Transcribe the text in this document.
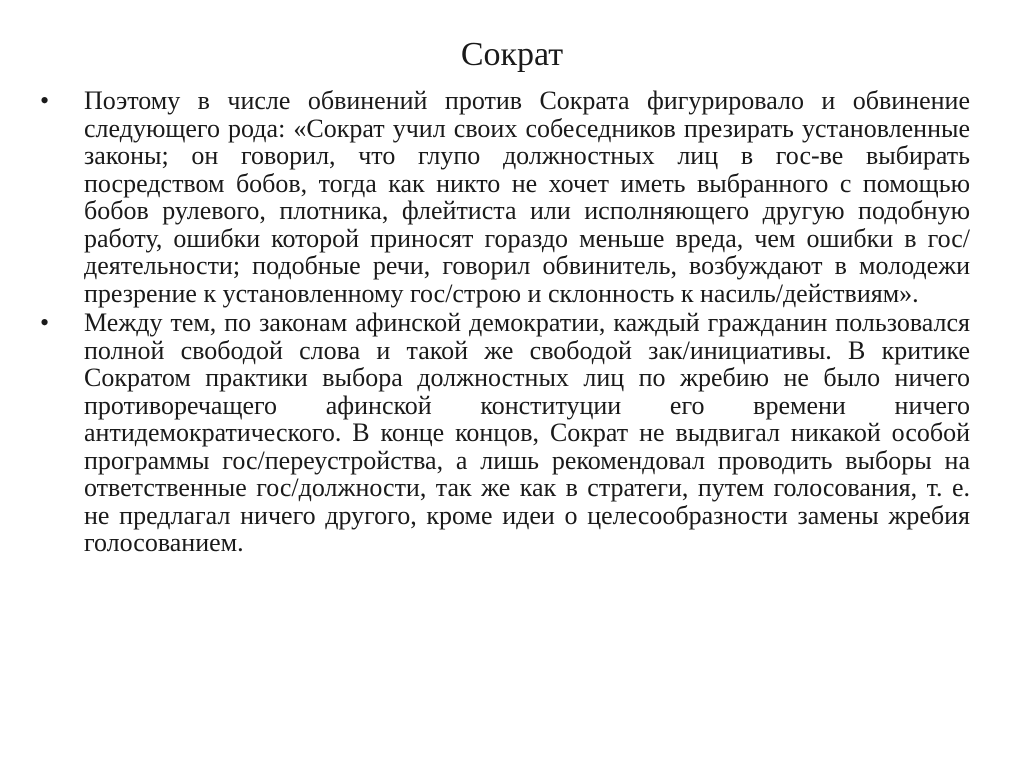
Сократ
• Поэтому в числе обвинений против Сократа фигурировало и обвинение следующего рода: «Сократ учил своих собеседников презирать установленные законы; он говорил, что глупо должностных лиц в гос-ве выбирать посредством бобов, тогда как никто не хочет иметь выбранного с помощью бобов рулевого, плотника, флейтиста или исполняющего другую подобную работу, ошибки которой приносят гораздо меньше вреда, чем ошибки в гос/деятельности; подобные речи, говорил обвинитель, возбуждают в молодежи презрение к установленному гос/строю и склонность к насиль/действиям».
• Между тем, по законам афинской демократии, каждый гражданин пользовался полной свободой слова и такой же свободой зак/инициативы. В критике Сократом практики выбора должностных лиц по жребию не было ничего противоречащего афинской конституции его времени ничего антидемократического. В конце концов, Сократ не выдвигал никакой особой программы гос/переустройства, а лишь рекомендовал проводить выборы на ответственные гос/должности, так же как в стратеги, путем голосования, т. е. не предлагал ничего другого, кроме идеи о целесообразности замены жребия голосованием.
